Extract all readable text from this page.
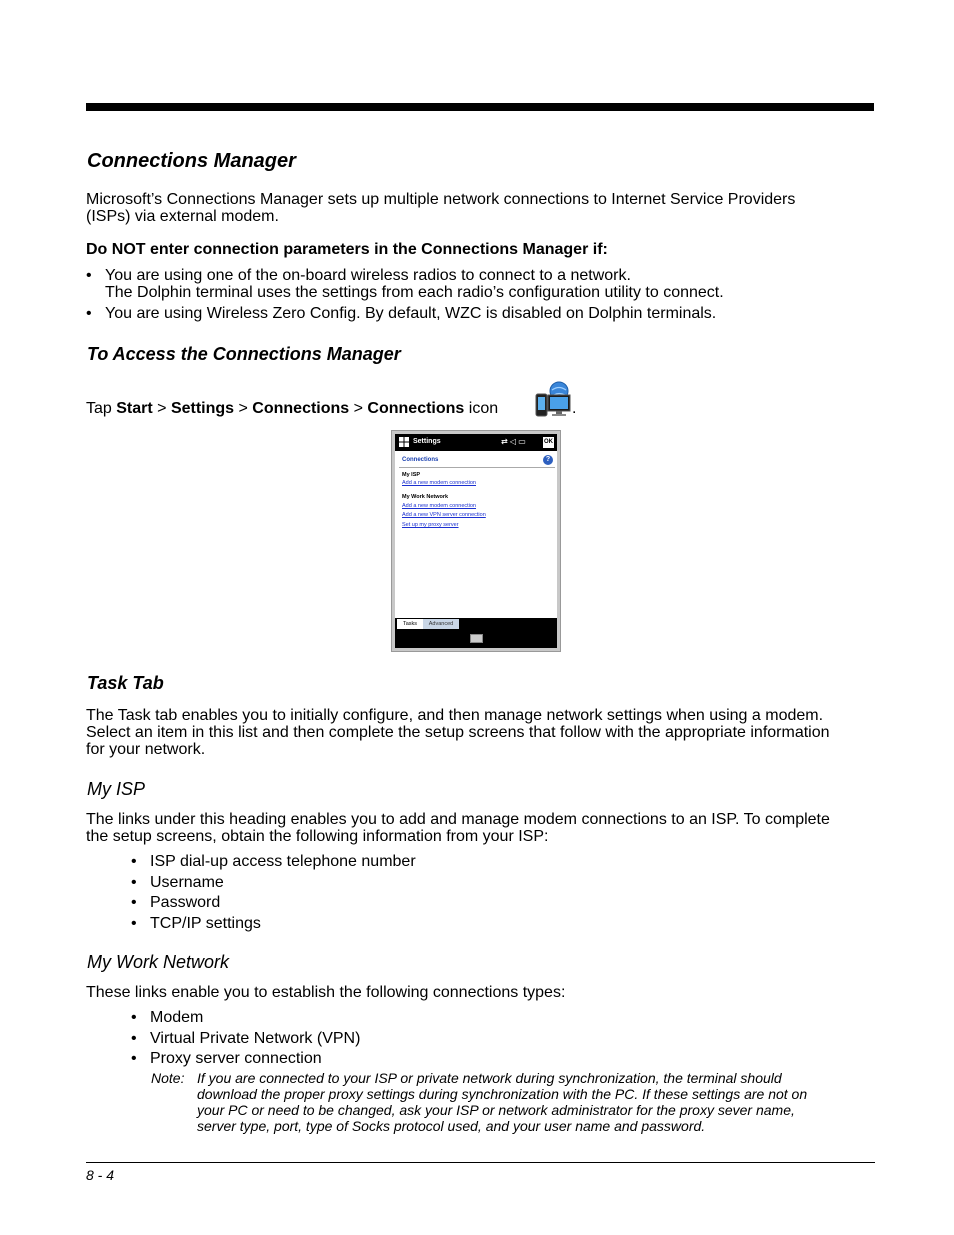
Connections Manager
Microsoft’s Connections Manager sets up multiple network connections to Internet Service Providers
(ISPs) via external modem.
Do NOT enter connection parameters in the Connections Manager if:
• You are using one of the on-board wireless radios to connect to a network.
The Dolphin terminal uses the settings from each radio’s configuration utility to connect.
• You are using Wireless Zero Config. By default, WZC is disabled on Dolphin terminals.
To Access the Connections Manager
Tap Start > Settings > Connections > Connections icon	.
Settings	⇄ ◁ ▭	OK
Connections	?
My ISP
Add a new modem connection
My Work Network
Add a new modem connection
Add a new VPN server connection
Set up my proxy server
Tasks	Advanced
Task Tab
The Task tab enables you to initially configure, and then manage network settings when using a modem.
Select an item in this list and then complete the setup screens that follow with the appropriate information
for your network.
My ISP
The links under this heading enables you to add and manage modem connections to an ISP. To complete
the setup screens, obtain the following information from your ISP:
• ISP dial-up access telephone number
• Username
• Password
• TCP/IP settings
My Work Network
These links enable you to establish the following connections types:
• Modem
• Virtual Private Network (VPN)
• Proxy server connection
Note: If you are connected to your ISP or private network during synchronization, the terminal should
download the proper proxy settings during synchronization with the PC. If these settings are not on
your PC or need to be changed, ask your ISP or network administrator for the proxy sever name,
server type, port, type of Socks protocol used, and your user name and password.
8 - 4
